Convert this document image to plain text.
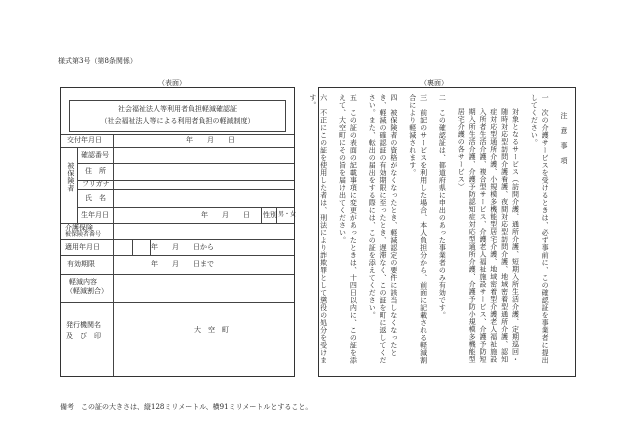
様式第3号（第8条関係）
（表面）	（裏面）
社会福祉法人等利用者負担軽減確認証
（社会福祉法人等による利用者負担の軽減制度）
交付年月日	年　　月　　日
被保険者
確認番号
住　所
フリガナ
氏　名
生年月日	年　　月　　日 性別 男・女
介護保険
被保険者番号
適用年月日	年　　月　　日から
有効期限	年　　月　　日まで
軽減内容
（軽減割合）
発行機関名
及　び　印
大　空　町
注　意　事　項
一　次の介護サービスを受けるときは、必ず事前に、この確認証を事業者に提出してください。
対象となるサービス（訪問介護、通所介護、短期入所生活介護、定期巡回・随時対応型訪問介護看護、夜間対応型訪問介護、地域密着型通所介護、認知症対応型通所介護、小規模多機能型居宅介護、地域密着型介護老人福祉施設入所者生活介護、複合型サービス、介護老人福祉施設サービス、介護予防短期入所生活介護、介護予防認知症対応型通所介護、介護予防小規模多機能型居宅介護の各サービス）
二　この確認証は、都道府県に申出のあった事業者のみ有効です。
三　前記のサービスを利用した場合、本人負担分から、前面に記載される軽減割合により軽減されます。
四　被保険者の資格がなくなったとき、軽減認定の要件に該当しなくなったとき、軽減の確認証の有効期限に至ったとき、遅滞なく、この証を町に返してください。また、転出の届出をする際には、この証を添えてください。
五　この証の表面の記載事項に変更があったときは、十四日以内に、この証を添えて、大空町にその旨を届け出てください。
六　不正にこの証を使用した者は、刑法により詐欺罪として懲役の処分を受けます。
備考　この証の大きさは、縦128ミリメートル、横91ミリメートルとすること。
